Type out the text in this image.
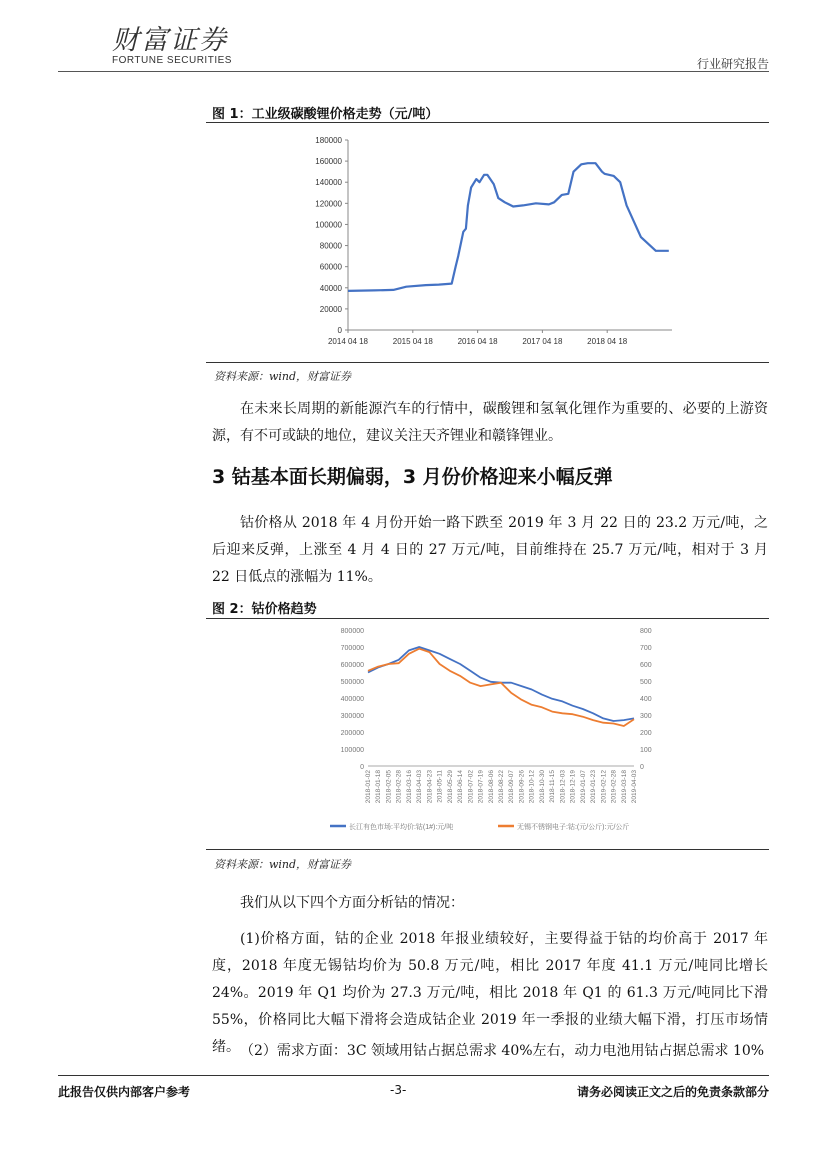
财富证券
FORTUNE SECURITIES	行业研究报告
图 1：工业级碳酸锂价格走势（元/吨）
0
20000
40000
60000
80000
100000
120000
140000
160000
180000
2014 04 18	2015 04 18	2016 04 18	2017 04 18	2018 04 18
资料来源：wind，财富证券
在未来长周期的新能源汽车的行情中，碳酸锂和氢氧化锂作为重要的、必要的上游资源，有不可或缺的地位，建议关注天齐锂业和赣锋锂业。
3 钴基本面长期偏弱，3 月份价格迎来小幅反弹
钴价格从 2018 年 4 月份开始一路下跌至 2019 年 3 月 22 日的 23.2 万元/吨，之后迎来反弹，上涨至 4 月 4 日的 27 万元/吨，目前维持在 25.7 万元/吨，相对于 3 月 22 日低点的涨幅为 11%。
图 2：钴价格趋势
0
100000
200000
300000
400000
500000
600000
700000
800000
0
100
200
300
400
500
600
700
800
2018-01-02 2018-01-18 2018-02-05 2018-02-28 2018-03-16 2018-04-03 2018-04-23 2018-05-11 2018-05-29 2018-06-14 2018-07-02 2018-07-19 2018-08-06 2018-08-22 2018-09-07 2018-09-26 2018-10-12 2018-10-30 2018-11-15 2018-12-03 2018-12-19 2019-01-07 2019-01-23 2019-02-12 2019-02-28 2019-03-18 2019-04-03
长江有色市场:平均价:钴(1#):元/吨	无锡不锈钢电子:钴:(元/公斤):元/公斤
资料来源：wind，财富证券
我们从以下四个方面分析钴的情况：
(1)价格方面，钴的企业 2018 年报业绩较好，主要得益于钴的均价高于 2017 年度，2018 年度无锡钴均价为 50.8 万元/吨，相比 2017 年度 41.1 万元/吨同比增长 24%。2019 年 Q1 均价为 27.3 万元/吨，相比 2018 年 Q1 的 61.3 万元/吨同比下滑 55%，价格同比大幅下滑将会造成钴企业 2019 年一季报的业绩大幅下滑，打压市场情绪。 （2）需求方面：3C 领域用钴占据总需求 40%左右，动力电池用钴占据总需求 10%
此报告仅供内部客户参考	-3-	请务必阅读正文之后的免责条款部分
